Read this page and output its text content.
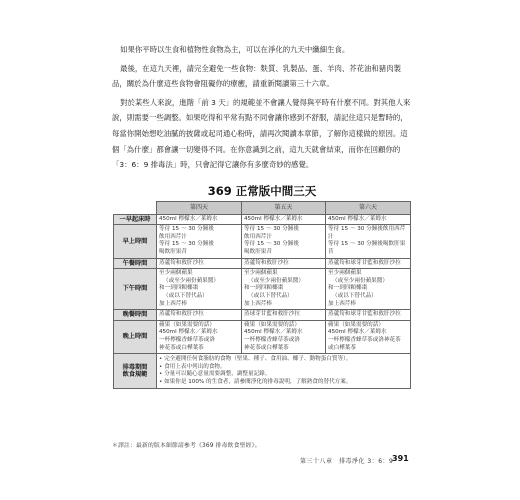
如果你平時以生食和植物性食物為主，可以在淨化的九天中纖細生食。

最後，在這九天裡，請完全避免一些食物：麩質、乳製品、蛋、羊肉、芥花油和豬肉製品，關於為什麼這些食物會阻礙你的療癒，請重新閱讀第三十六章。

對於某些人來說，進階「前 3 天」的規範並不會讓人覺得與平時有什麼不同。對其他人來說，則需要一些調整。如果吃得和平常有點不同會讓你感到不舒服，請記住這只是暫時的，每當你開始想吃油膩的披薩或起司通心粉時，請再次閱讀本章節，了解你這樣做的原因。這個「為什麼」都會讓一切變得不同。在你意識到之前，這九天就會結束，而你在回顧你的「3：6：9 排毒法」時，只會記得它讓你有多麼奇妙的感覺。

369 正常版中間三天
	第四天	第五天	第六天
一早起床時	450ml 檸檬水／萊姆水	450ml 檸檬水／萊姆水	450ml 檸檬水／萊姆水

早上時間	等待 15 ～ 30 分鐘後
飲用西芹汁
等待 15 ～ 30 分鐘後
喝飲肝果昔	等待 15 ～ 30 分鐘後
飲用西芹汁
等待 15 ～ 30 分鐘後
喝飲肝果昔	等待 15 ～ 30 分鐘後飲用西芹
汁
等待 15 ～ 30 分鐘後喝飲肝果
昔

午餐時間	蒸蘆筍和救肝沙拉	蒸蘆筍和救肝沙拉	蒸蘆筍和球芽甘藍和救肝沙拉

下午時間	至少兩個蘋果
（或至少兩份蘋果醬）
和一到四顆椰棗
（或以下替代品）
加上西芹棒	至少兩個蘋果
（或至少兩份蘋果醬）
和一到四顆椰棗
（或以下替代品）
加上西芹棒	至少兩個蘋果
（或至少兩份蘋果醬）
和一到四顆椰棗
（或以下替代品）
加上西芹棒

晚餐時間	蒸蘆筍和救肝沙拉	蒸球芽甘藍和救肝沙拉	蒸蘆筍和球芽甘藍和救肝沙拉

晚上時間	蘋果（如果需要的話）
450ml 檸檬水／萊姆水
一杯檸檬香蜂草茶或洛
神花茶或白樺葉茶	蘋果（如果需要的話）
450ml 檸檬水／萊姆水
一杯檸檬香蜂草茶或洛
神花茶或白樺葉茶	蘋果（如果需要的話）
450ml 檸檬水／萊姆水
一杯檸檬香蜂草茶或洛神花茶
或白樺葉茶

排毒期間
飲食規範	• 完全避開任何食脂肪的食物（堅果、種子、食用油、椰子、動物蛋白質等）。
• 食用上表中列出的食物。
• 分量可以隨心意量需要調整，調整量記錄。
• 如果你是 100% 的生食者，請參閱淨化的排毒說明，了解熟食的替代方案。		
＊譯註：最新的版本細節請參考《369 排毒飲食聖經》。
第三十八章　排毒淨化 3：6：9
391
